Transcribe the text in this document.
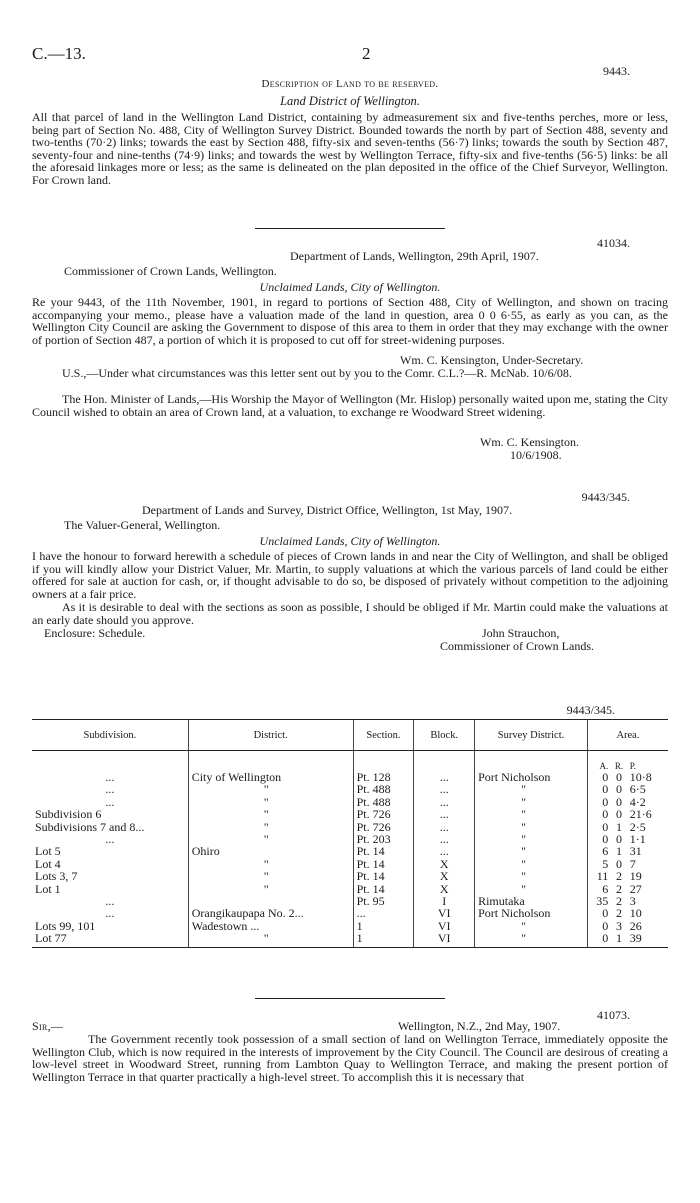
C.—13.	2
9443.
Description of Land to be reserved.
Land District of Wellington.

All that parcel of land in the Wellington Land District, containing by admeasurement six and five-tenths perches, more or less, being part of Section No. 488, City of Wellington Survey District. Bounded towards the north by part of Section 488, seventy and two-tenths (70·2) links; towards the east by Section 488, fifty-six and seven-tenths (56·7) links; towards the south by Section 487, seventy-four and nine-tenths (74·9) links; and towards the west by Wellington Terrace, fifty-six and five-tenths (56·5) links: be all the aforesaid linkages more or less; as the same is delineated on the plan deposited in the office of the Chief Surveyor, Wellington. For Crown land.

41034.
Department of Lands, Wellington, 29th April, 1907.
Commissioner of Crown Lands, Wellington.
Unclaimed Lands, City of Wellington.

Re your 9443, of the 11th November, 1901, in regard to portions of Section 488, City of Wellington, and shown on tracing accompanying your memo., please have a valuation made of the land in question, area 0 0 6·55, as early as you can, as the Wellington City Council are asking the Government to dispose of this area to them in order that they may exchange with the owner of portion of Section 487, a portion of which it is proposed to cut off for street-widening purposes.

Wm. C. Kensington, Under-Secretary.

U.S.,—Under what circumstances was this letter sent out by you to the Comr. C.L.?—R. McNab. 10/6/08.

The Hon. Minister of Lands,—His Worship the Mayor of Wellington (Mr. Hislop) personally waited upon me, stating the City Council wished to obtain an area of Crown land, at a valuation, to exchange re Woodward Street widening.

Wm. C. Kensington.
10/6/1908.
9443/345.
Department of Lands and Survey, District Office, Wellington, 1st May, 1907.
The Valuer-General, Wellington.
Unclaimed Lands, City of Wellington.

I have the honour to forward herewith a schedule of pieces of Crown lands in and near the City of Wellington, and shall be obliged if you will kindly allow your District Valuer, Mr. Martin, to supply valuations at which the various parcels of land could be either offered for sale at auction for cash, or, if thought advisable to do so, be disposed of privately without competition to the adjoining owners at a fair price.

As it is desirable to deal with the sections as soon as possible, I should be obliged if Mr. Martin could make the valuations at an early date should you approve.

Enclosure: Schedule.	John Strauchon,
Commissioner of Crown Lands.
9443/345.
Subdivision.	District.	Section.	Block.	Survey District.	Area.		

					A.	R.	P.
...	City of Wellington	Pt. 128	...	Port Nicholson	0	0	10·8
...	"	Pt. 488	...	"	0	0	6·5
...	"	Pt. 488	...	"	0	0	4·2
Subdivision 6	"	Pt. 726	...	"	0	0	21·6
Subdivisions 7 and 8...	"	Pt. 726	...	"	0	1	2·5
...	"	Pt. 203	...	"	0	0	1·1
Lot 5	Ohiro	Pt. 14	...	"	6	1	31
Lot 4	"	Pt. 14	X	"	5	0	7
Lots 3, 7	"	Pt. 14	X	"	11	2	19
Lot 1	"	Pt. 14	X	"	6	2	27
...		Pt. 95	I	Rimutaka	35	2	3
...	Orangikaupapa No. 2...	...	VI	Port Nicholson	0	2	10
Lots 99, 101	Wadestown ...	1	VI	"	0	3	26
Lot 77	"	1	VI	"	0	1	39
41073.
Sir,—	Wellington, N.Z., 2nd May, 1907.

The Government recently took possession of a small section of land on Wellington Terrace, immediately opposite the Wellington Club, which is now required in the interests of improvement by the City Council. The Council are desirous of creating a low-level street in Woodward Street, running from Lambton Quay to Wellington Terrace, and making the present portion of Wellington Terrace in that quarter practically a high-level street. To accomplish this it is necessary that
